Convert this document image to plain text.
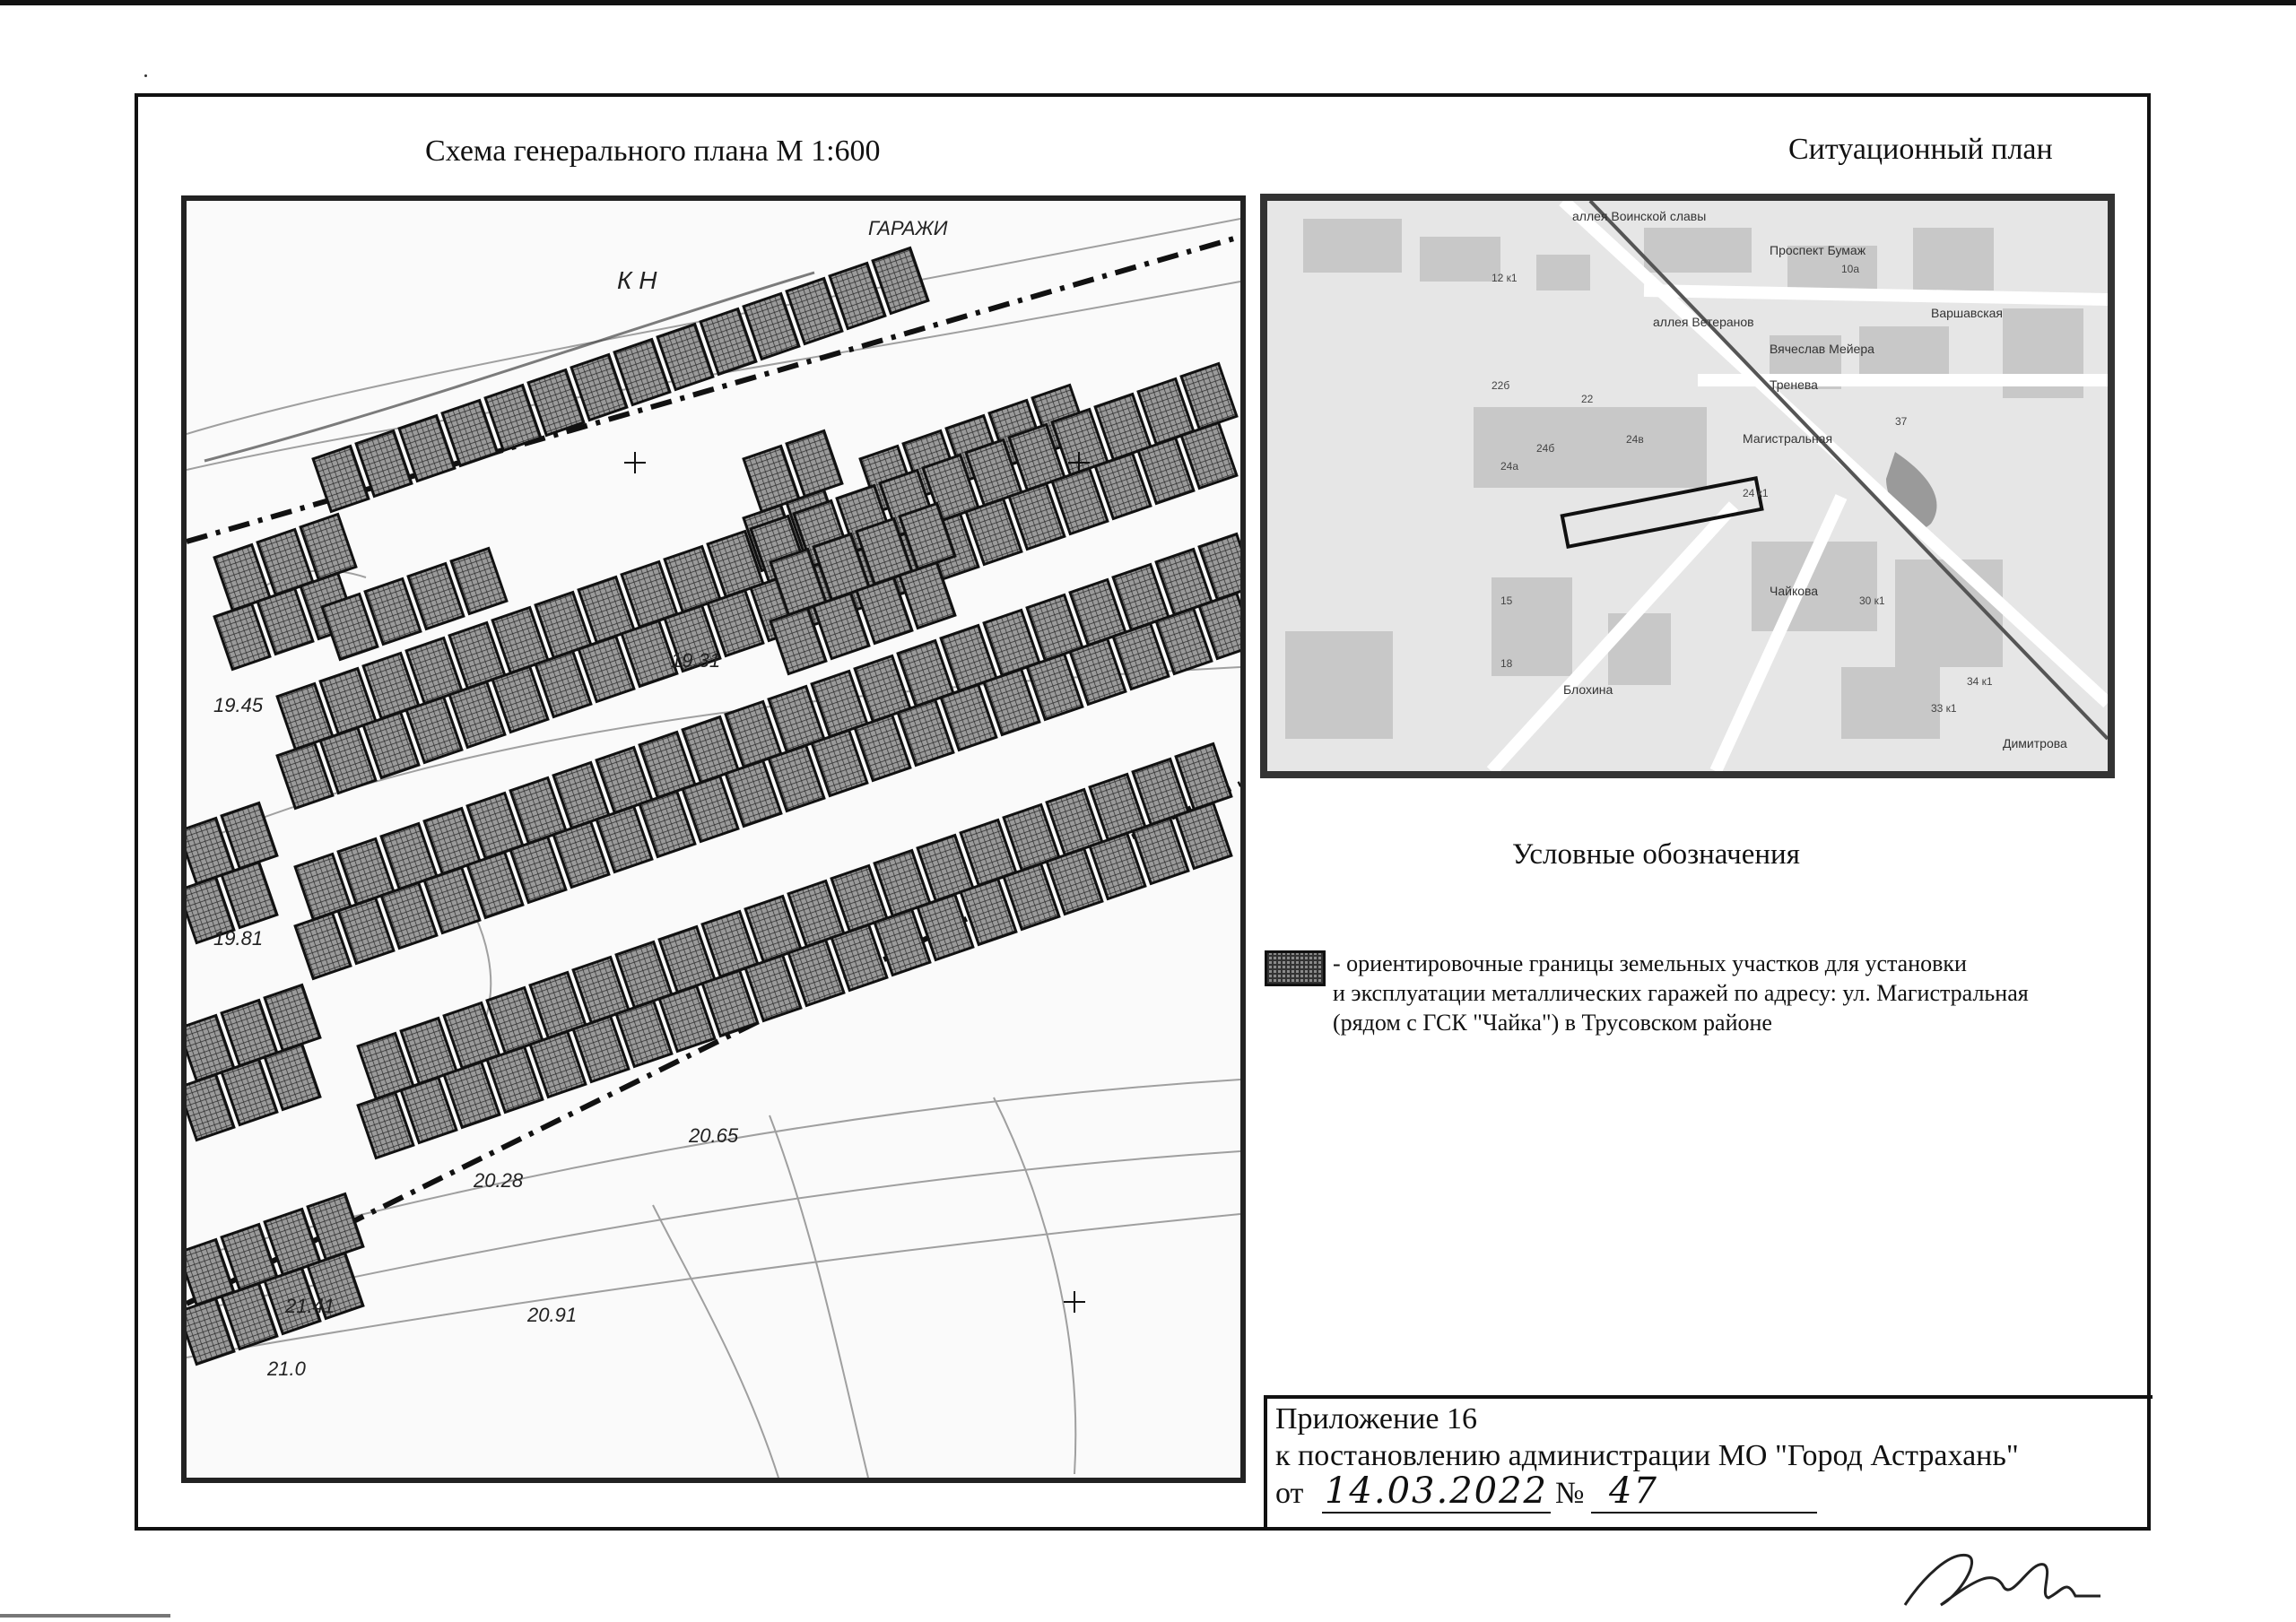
Схема генерального плана М 1:600	Ситуационный план
ГАРАЖИ
К Н
19.31
19.45
19.81
20.28
20.65
20.91
21.41
21.0
аллея Воинской славы
Проспект Бумаж
аллея Ветеранов
Вячеслав Мейера
Тренева
Варшавская
Магистральная
Чайкова
Блохина
Димитрова
24 к1
24б
24в
24а
22б
22
15
18
30 к1
34 к1
37
33 к1
10а
12 к1
Условные обозначения
- ориентировочные границы земельных участков для установки
и эксплуатации металлических гаражей по адресу: ул. Магистральная
(рядом с ГСК "Чайка") в Трусовском районе
Приложение 16
к постановлению администрации МО "Город Астрахань"
от 14.03.2022 № 47
